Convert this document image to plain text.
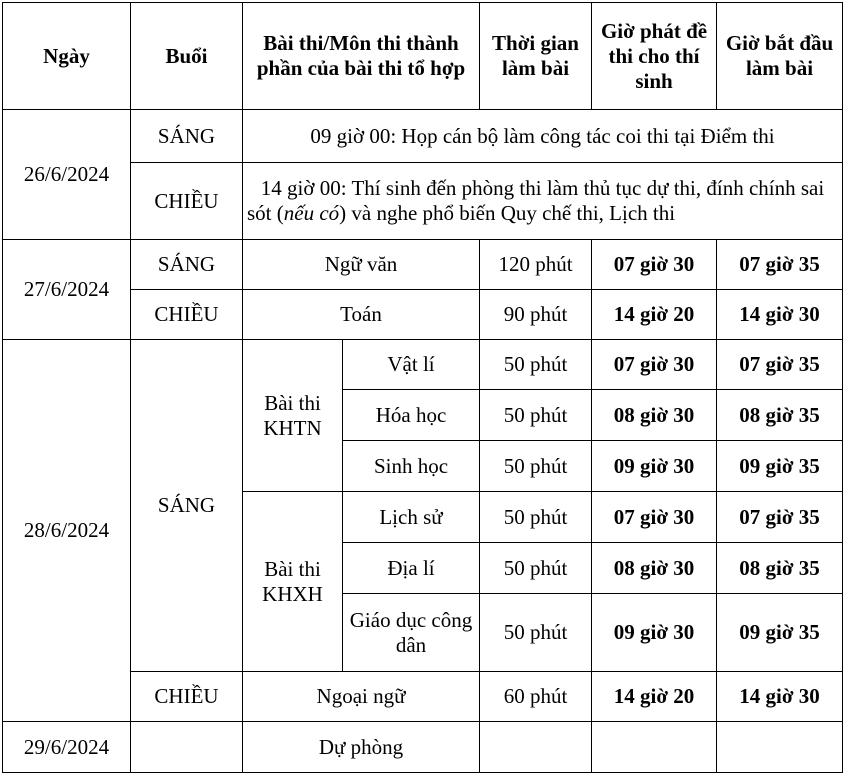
Ngày	Buổi	Bài thi/Môn thi thành phần của bài thi tổ hợp		Thời gian làm bài	Giờ phát đề thi cho thí sinh	Giờ bắt đầu làm bài
26/6/2024	SÁNG	09 giờ 00: Họp cán bộ làm công tác coi thi tại Điểm thi				
	CHIỀU	14 giờ 00: Thí sinh đến phòng thi làm thủ tục dự thi, đính chính sai sót (nếu có) và nghe phổ biến Quy chế thi, Lịch thi				
27/6/2024	SÁNG	Ngữ văn		120 phút	07 giờ 30	07 giờ 35
	CHIỀU	Toán		90 phút	14 giờ 20	14 giờ 30
28/6/2024	SÁNG	Bài thi KHTN	Vật lí	50 phút	07 giờ 30	07 giờ 35
			Hóa học	50 phút	08 giờ 30	08 giờ 35
			Sinh học	50 phút	09 giờ 30	09 giờ 35
		Bài thi KHXH	Lịch sử	50 phút	07 giờ 30	07 giờ 35
			Địa lí	50 phút	08 giờ 30	08 giờ 35
			Giáo dục công dân	50 phút	09 giờ 30	09 giờ 35
	CHIỀU	Ngoại ngữ		60 phút	14 giờ 20	14 giờ 30
29/6/2024		Dự phòng				
